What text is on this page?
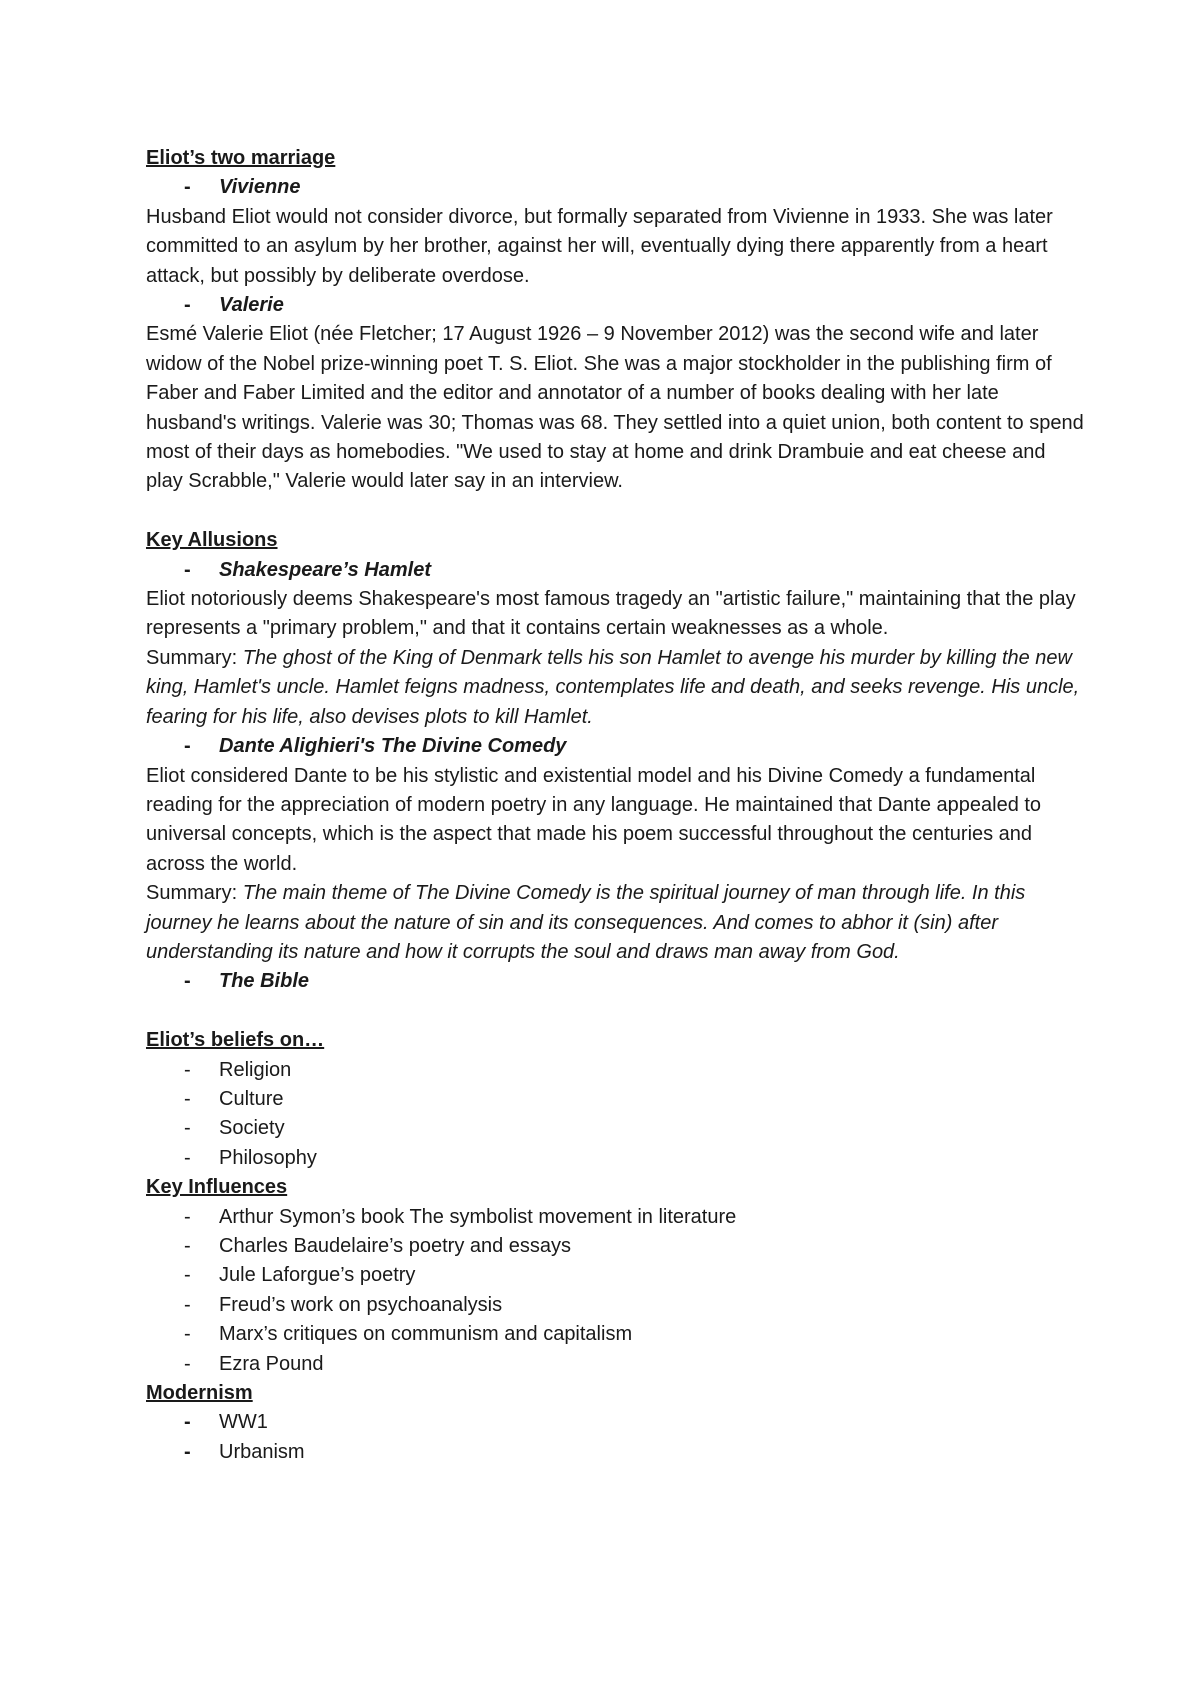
Eliot’s two marriage

- Vivienne

Husband Eliot would not consider divorce, but formally separated from Vivienne in 1933. She was later committed to an asylum by her brother, against her will, eventually dying there apparently from a heart attack, but possibly by deliberate overdose.

- Valerie

Esmé Valerie Eliot (née Fletcher; 17 August 1926 – 9 November 2012) was the second wife and later widow of the Nobel prize-winning poet T. S. Eliot. She was a major stockholder in the publishing firm of Faber and Faber Limited and the editor and annotator of a number of books dealing with her late husband's writings. Valerie was 30; Thomas was 68. They settled into a quiet union, both content to spend most of their days as homebodies. "We used to stay at home and drink Drambuie and eat cheese and play Scrabble," Valerie would later say in an interview.

Key Allusions

- Shakespeare’s Hamlet

Eliot notoriously deems Shakespeare's most famous tragedy an "artistic failure," maintaining that the play represents a "primary problem," and that it contains certain weaknesses as a whole.

Summary: The ghost of the King of Denmark tells his son Hamlet to avenge his murder by killing the new king, Hamlet's uncle. Hamlet feigns madness, contemplates life and death, and seeks revenge. His uncle, fearing for his life, also devises plots to kill Hamlet.

- Dante Alighieri's The Divine Comedy

Eliot considered Dante to be his stylistic and existential model and his Divine Comedy a fundamental reading for the appreciation of modern poetry in any language. He maintained that Dante appealed to universal concepts, which is the aspect that made his poem successful throughout the centuries and across the world.

Summary: The main theme of The Divine Comedy is the spiritual journey of man through life. In this journey he learns about the nature of sin and its consequences. And comes to abhor it (sin) after understanding its nature and how it corrupts the soul and draws man away from God.

- The Bible

Eliot’s beliefs on…

- Religion
- Culture
- Society
- Philosophy

Key Influences

- Arthur Symon’s book The symbolist movement in literature
- Charles Baudelaire’s poetry and essays
- Jule Laforgue’s poetry
- Freud’s work on psychoanalysis
- Marx’s critiques on communism and capitalism
- Ezra Pound

Modernism

- WW1
- Urbanism
